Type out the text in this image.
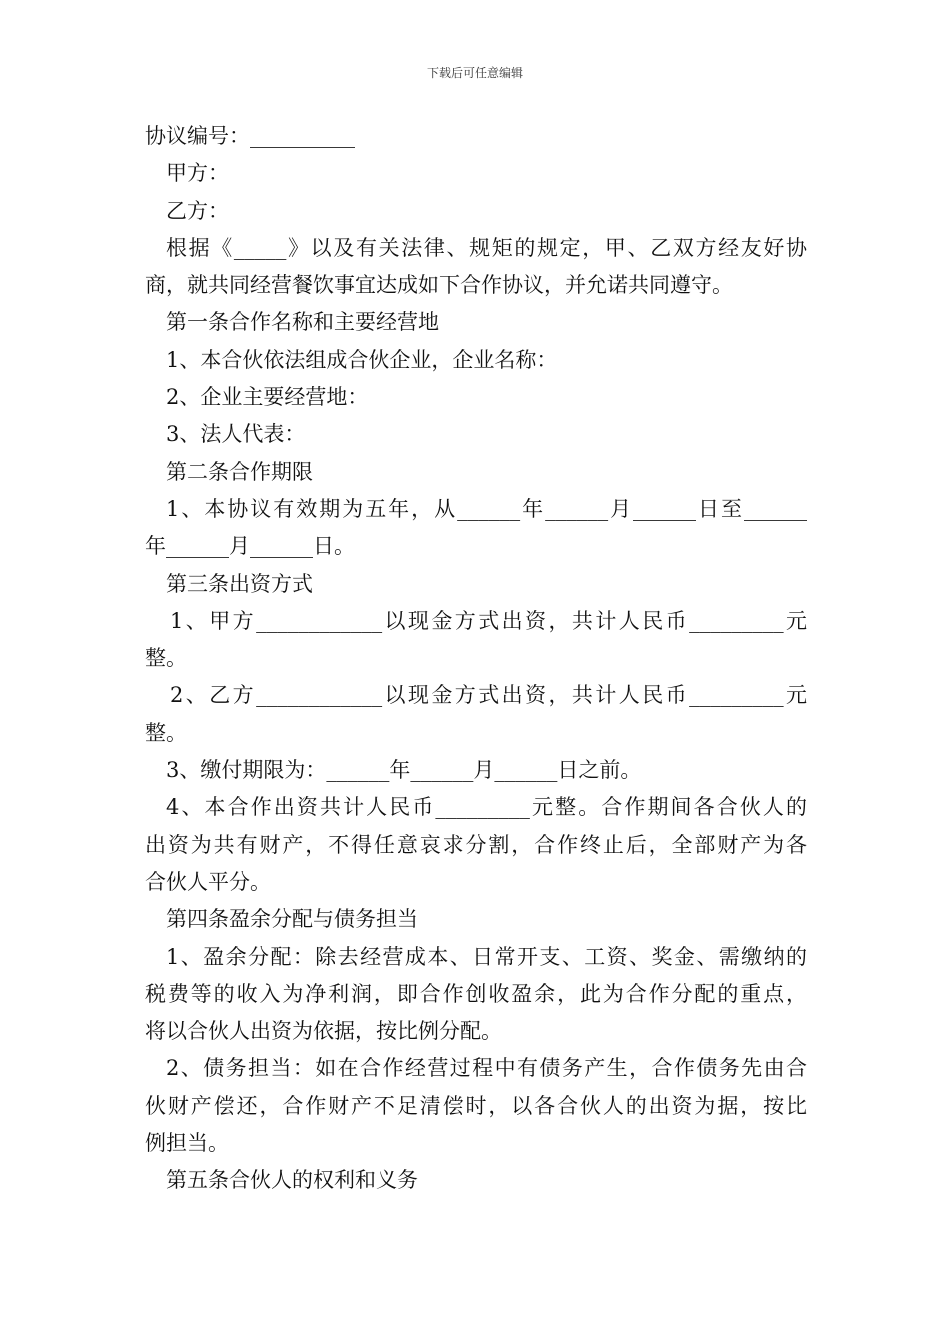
下载后可任意编辑
协议编号：__________
甲方：
乙方：
根据《_____》以及有关法律、规矩的规定，甲、乙双方经友好协
商，就共同经营餐饮事宜达成如下合作协议，并允诺共同遵守。
第一条合作名称和主要经营地
1、本合伙依法组成合伙企业，企业名称：
2、企业主要经营地：
3、法人代表：
第二条合作期限
1、本协议有效期为五年，从______年______月______日至______
年______月______日。
第三条出资方式
1、甲方____________以现金方式出资，共计人民币_________元
整。
2、乙方____________以现金方式出资，共计人民币_________元
整。
3、缴付期限为：______年______月______日之前。
4、本合作出资共计人民币_________元整。合作期间各合伙人的
出资为共有财产，不得任意哀求分割，合作终止后，全部财产为各
合伙人平分。
第四条盈余分配与债务担当
1、盈余分配：除去经营成本、日常开支、工资、奖金、需缴纳的
税费等的收入为净利润，即合作创收盈余，此为合作分配的重点，
将以合伙人出资为依据，按比例分配。
2、债务担当：如在合作经营过程中有债务产生，合作债务先由合
伙财产偿还，合作财产不足清偿时，以各合伙人的出资为据，按比
例担当。
第五条合伙人的权利和义务
